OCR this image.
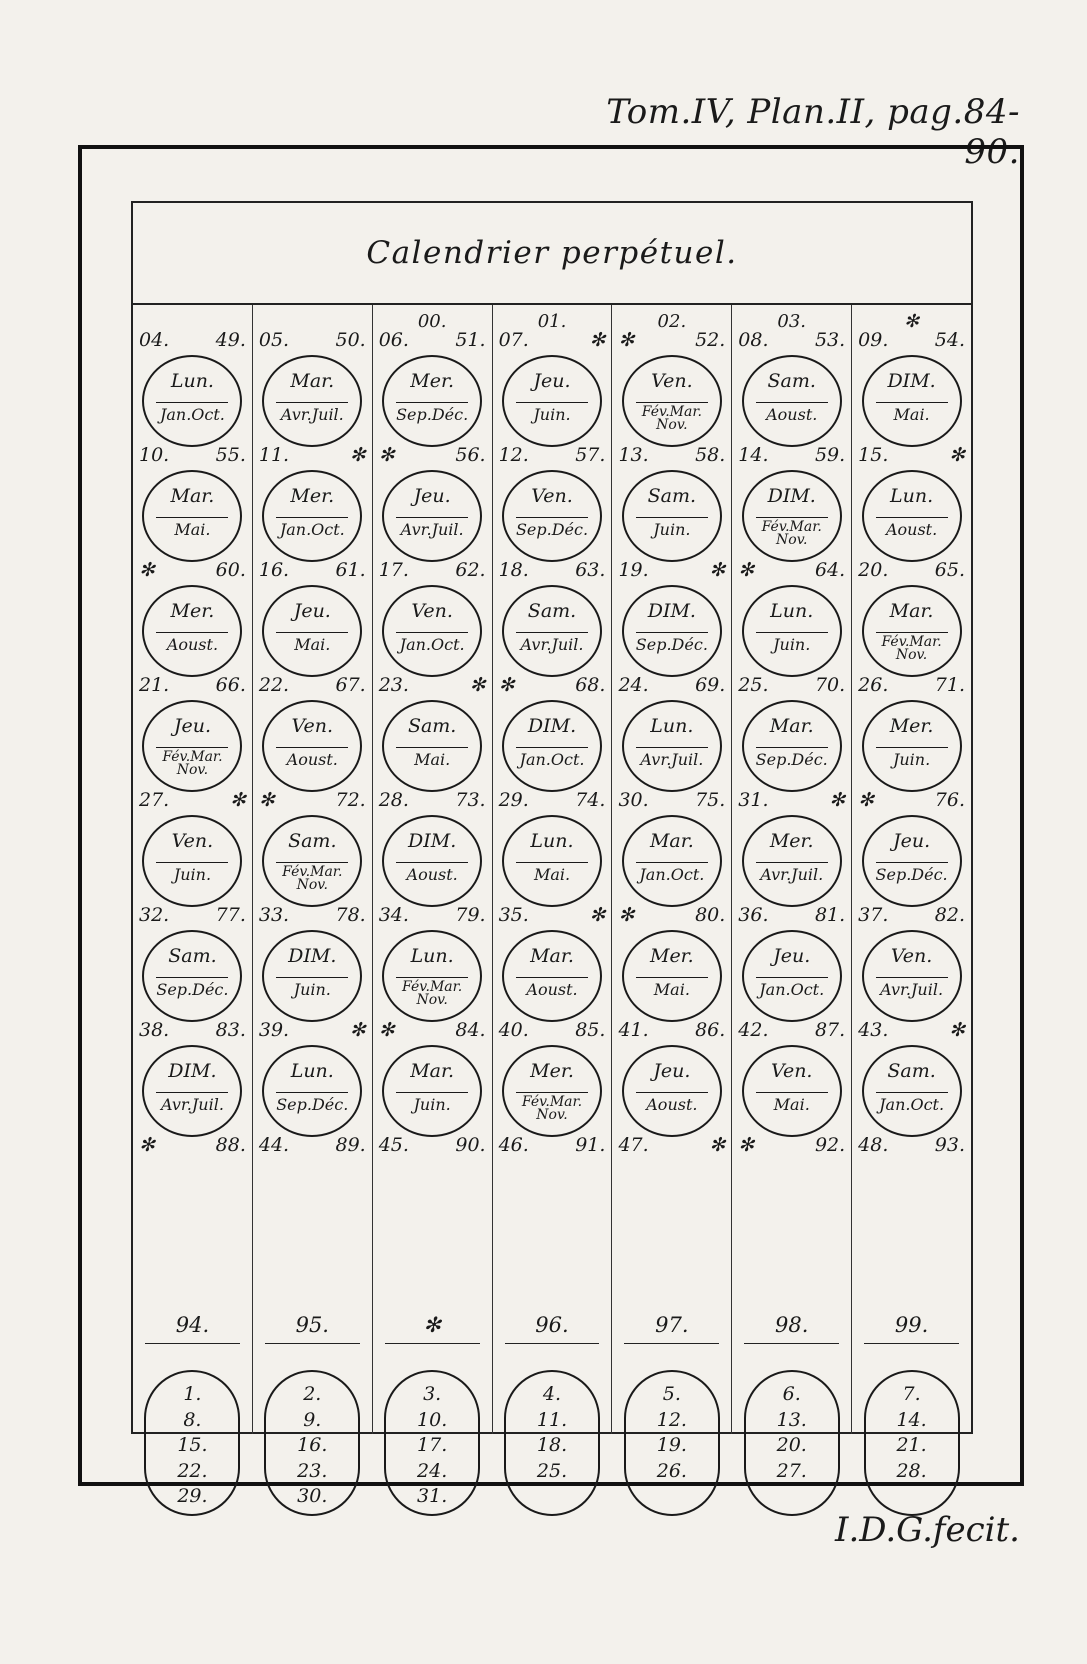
Tom.IV, Plan.II, pag.84-90.
Calendrier perpétuel.
04. 49.
Lun.
Jan.Oct.
10. 55.
Mar.
Mai.
✻	60.
Mer.
Aoust.
21. 66.
Jeu.
Fév.Mar. Nov.
27.	✻
Ven.
Juin.
32. 77.
Sam.
Sep.Déc.
38. 83.
DIM.
Avr.Juil.
✻	88.
94.
1.
8.
15.
22.
29.
05. 50.
Mar.
Avr.Juil.
11.	✻
Mer.
Jan.Oct.
16. 61.
Jeu.
Mai.
22. 67.
Ven.
Aoust.
✻	72.
Sam.
Fév.Mar. Nov.
33. 78.
DIM.
Juin.
39.	✻
Lun.
Sep.Déc.
44. 89.
95.
2.
9.
16.
23.
30.
00.
06. 51.
Mer.
Sep.Déc.
✻	56.
Jeu.
Avr.Juil.
17. 62.
Ven.
Jan.Oct.
23.	✻
Sam.
Mai.
28. 73.
DIM.
Aoust.
34. 79.
Lun.
Fév.Mar. Nov.
✻	84.
Mar.
Juin.
45. 90.
✻
3.
10.
17.
24.
31.
01.
07.	✻
Jeu.
Juin.
12. 57.
Ven.
Sep.Déc.
18. 63.
Sam.
Avr.Juil.
✻	68.
DIM.
Jan.Oct.
29. 74.
Lun.
Mai.
35.	✻
Mar.
Aoust.
40. 85.
Mer.
Fév.Mar. Nov.
46. 91.
96.
4.
11.
18.
25.
02.
✻	52.
Ven.
Fév.Mar. Nov.
13. 58.
Sam.
Juin.
19.	✻
DIM.
Sep.Déc.
24. 69.
Lun.
Avr.Juil.
30. 75.
Mar.
Jan.Oct.
✻	80.
Mer.
Mai.
41. 86.
Jeu.
Aoust.
47.	✻
97.
5.
12.
19.
26.
03.
08. 53.
Sam.
Aoust.
14. 59.
DIM.
Fév.Mar. Nov.
✻	64.
Lun.
Juin.
25. 70.
Mar.
Sep.Déc.
31.	✻
Mer.
Avr.Juil.
36. 81.
Jeu.
Jan.Oct.
42. 87.
Ven.
Mai.
✻	92.
98.
6.
13.
20.
27.
✻
09. 54.
DIM.
Mai.
15.	✻
Lun.
Aoust.
20. 65.
Mar.
Fév.Mar. Nov.
26. 71.
Mer.
Juin.
✻	76.
Jeu.
Sep.Déc.
37. 82.
Ven.
Avr.Juil.
43.	✻
Sam.
Jan.Oct.
48. 93.
99.
7.
14.
21.
28.
I.D.G.fecit.
